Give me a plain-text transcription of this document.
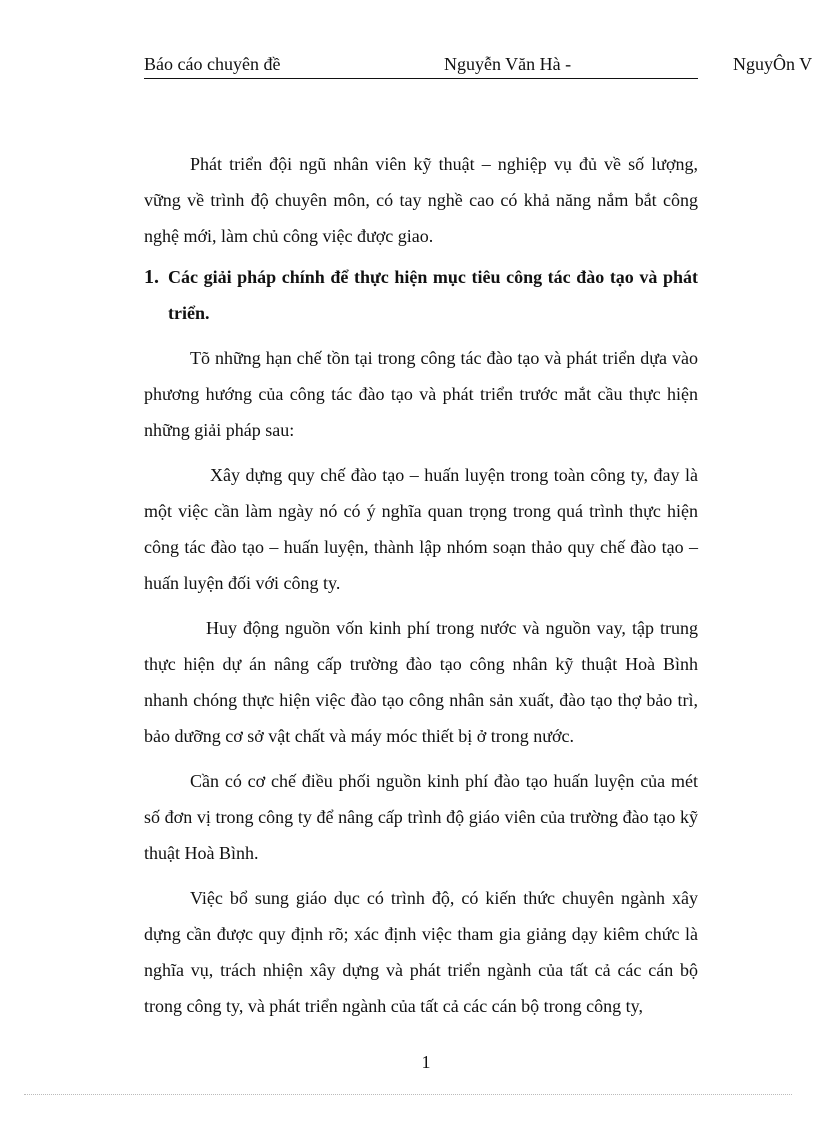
Báo cáo chuyên đề	Nguyễn Văn Hà -	NguyÔn V

Phát triển đội ngũ nhân viên kỹ thuật – nghiệp vụ đủ về số lượng, vững về trình độ chuyên môn, có tay nghề cao có khả năng nắm bắt công nghệ mới, làm chủ công việc được giao.

1. Các giải pháp chính để thực hiện mục tiêu công tác đào tạo và phát triển.

Tõ những hạn chế tồn tại trong công tác đào tạo và phát triển dựa vào phương hướng của công tác đào tạo và phát triển trước mắt cầu thực hiện những giải pháp sau:

Xây dựng quy chế đào tạo – huấn luyện trong toàn công ty, đay là một việc cần làm ngày nó có ý nghĩa quan trọng trong quá trình thực hiện công tác đào tạo – huấn luyện, thành lập nhóm soạn thảo quy chế đào tạo – huấn luyện đối với công ty.

Huy động nguồn vốn kinh phí trong nước và nguồn vay, tập trung thực hiện dự án nâng cấp trường đào tạo công nhân kỹ thuật Hoà Bình nhanh chóng thực hiện việc đào tạo công nhân sản xuất, đào tạo thợ bảo trì, bảo dưỡng cơ sở vật chất và máy móc thiết bị ở trong nước.

Cần có cơ chế điều phối nguồn kinh phí đào tạo huấn luyện của mét số đơn vị trong công ty để nâng cấp trình độ giáo viên của trường đào tạo kỹ thuật Hoà Bình.

Việc bổ sung giáo dục có trình độ, có kiến thức chuyên ngành xây dựng cần được quy định rõ; xác định việc tham gia giảng dạy kiêm chức là nghĩa vụ, trách nhiện xây dựng và phát triển ngành của tất cả các cán bộ trong công ty, và phát triển ngành của tất cả các cán bộ trong công ty,

1
